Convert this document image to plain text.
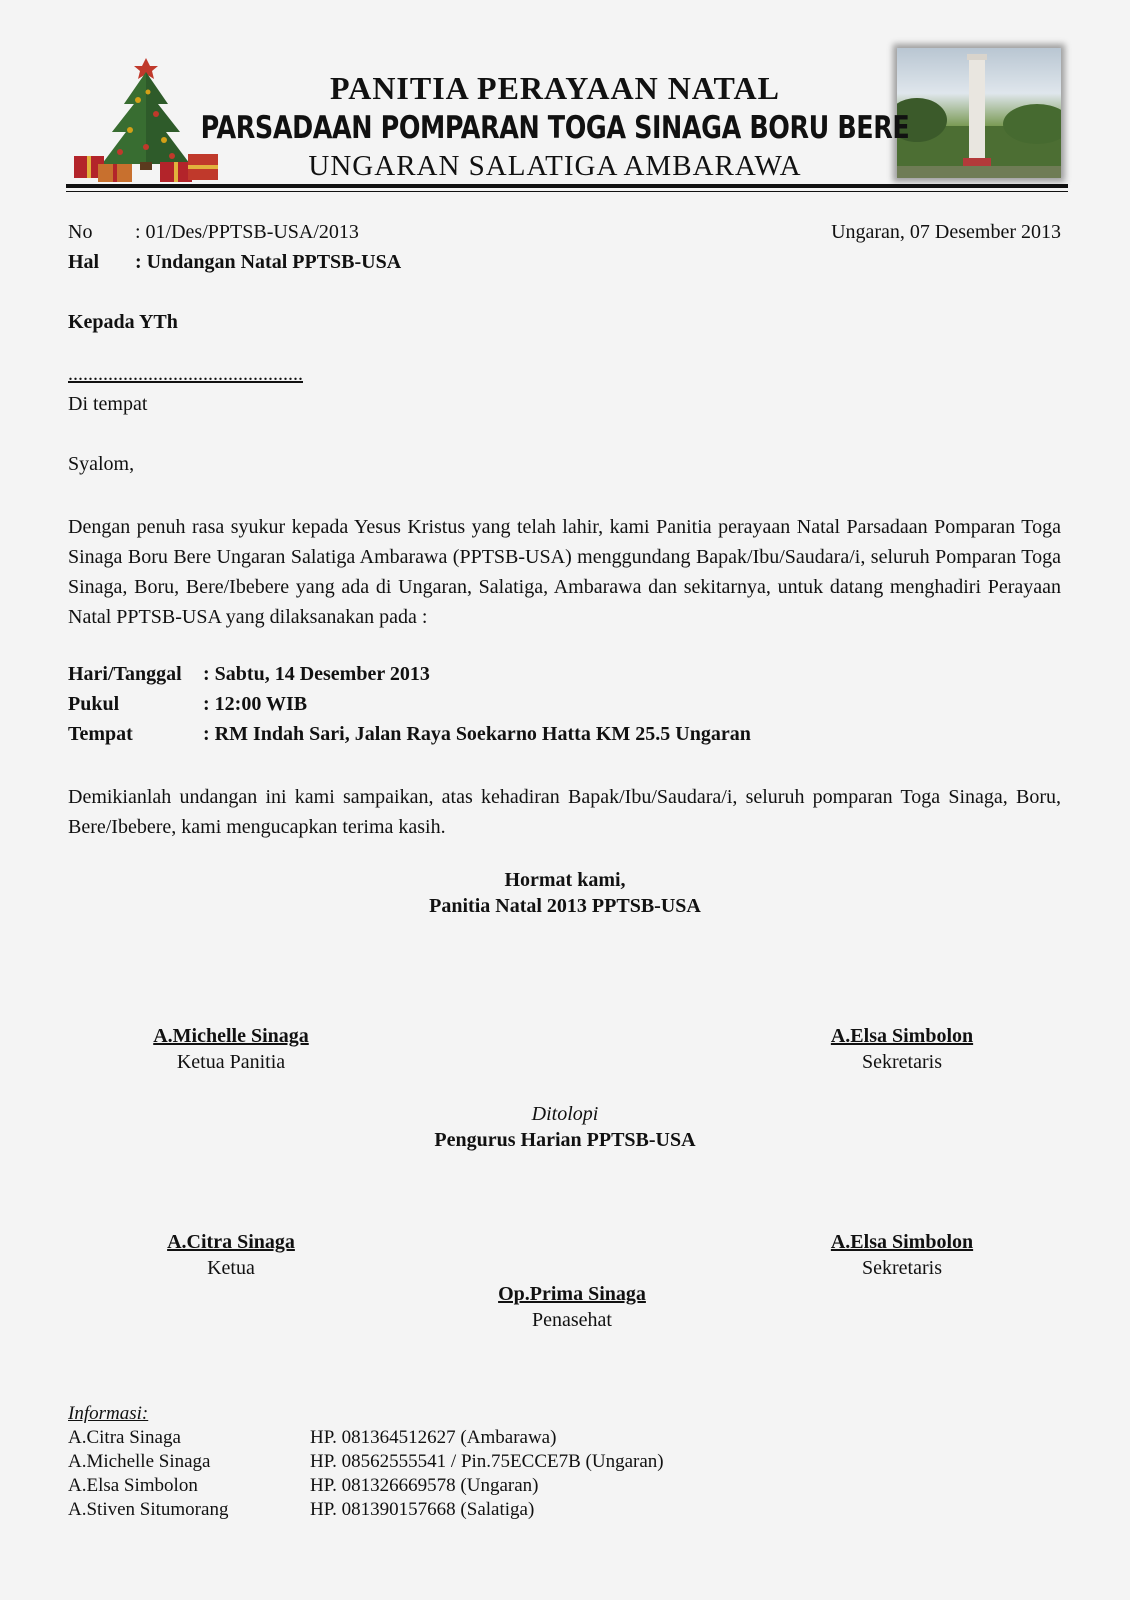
PANITIA PERAYAAN NATAL
PARSADAAN POMPARAN TOGA SINAGA BORU BERE
UNGARAN SALATIGA AMBARAWA
No : 01/Des/PPTSB-USA/2013	Ungaran, 07 Desember 2013
Hal : Undangan Natal PPTSB-USA
Kepada YTh
...............................................
Di tempat
Syalom,
Dengan penuh rasa syukur kepada Yesus Kristus yang telah lahir, kami Panitia perayaan Natal Parsadaan Pomparan Toga Sinaga Boru Bere Ungaran Salatiga Ambarawa (PPTSB-USA) menggundang Bapak/Ibu/Saudara/i, seluruh Pomparan Toga Sinaga, Boru, Bere/Ibebere yang ada di Ungaran, Salatiga, Ambarawa dan sekitarnya, untuk datang menghadiri Perayaan Natal PPTSB-USA yang dilaksanakan pada :
Hari/Tanggal : Sabtu, 14 Desember 2013
Pukul	: 12:00 WIB
Tempat	: RM Indah Sari, Jalan Raya Soekarno Hatta KM 25.5 Ungaran
Demikianlah undangan ini kami sampaikan, atas kehadiran Bapak/Ibu/Saudara/i, seluruh pomparan Toga Sinaga, Boru, Bere/Ibebere, kami mengucapkan terima kasih.
Hormat kami,
Panitia Natal 2013 PPTSB-USA
A.Michelle Sinaga
Ketua Panitia
A.Elsa Simbolon
Sekretaris
Ditolopi
Pengurus Harian PPTSB-USA
A.Citra Sinaga
Ketua
A.Elsa Simbolon
Sekretaris
Op.Prima Sinaga
Penasehat
Informasi:
A.Citra Sinaga	HP. 081364512627 (Ambarawa)
A.Michelle Sinaga	HP. 08562555541 / Pin.75ECCE7B (Ungaran)
A.Elsa Simbolon	HP. 081326669578 (Ungaran)
A.Stiven Situmorang	HP. 081390157668 (Salatiga)
